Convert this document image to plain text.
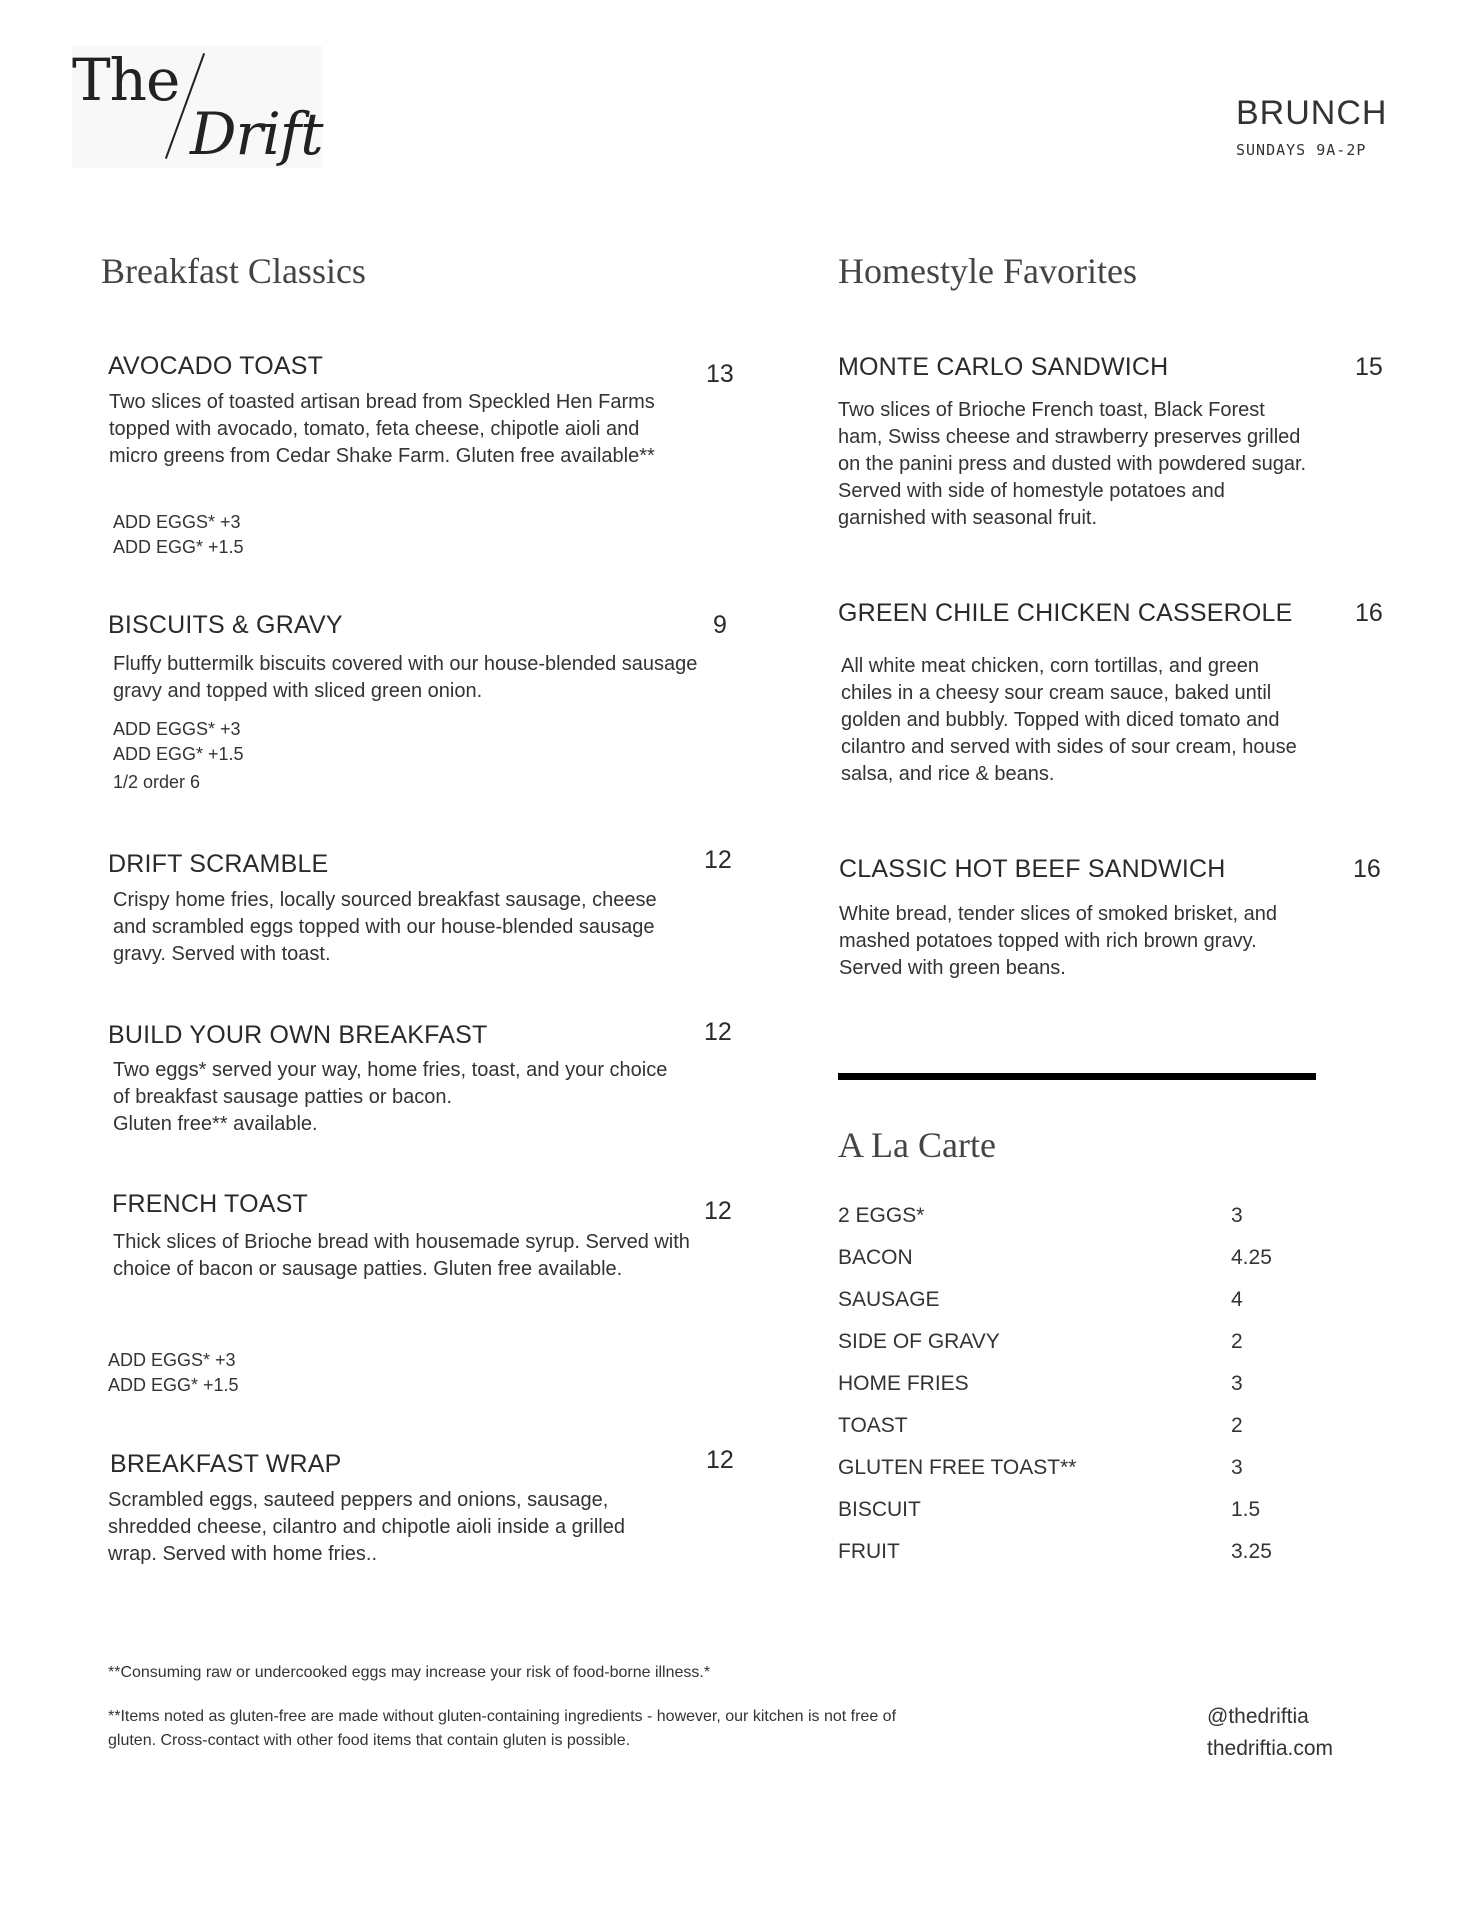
The
Drift	BRUNCH
SUNDAYS 9A-2P
Breakfast Classics
AVOCADO TOAST	13
Two slices of toasted artisan bread from Speckled Hen Farms topped with avocado, tomato, feta cheese, chipotle aioli and micro greens from Cedar Shake Farm. Gluten free available**
ADD EGGS* +3
ADD EGG* +1.5
BISCUITS & GRAVY	9
Fluffy buttermilk biscuits covered with our house-blended sausage gravy and topped with sliced green onion.
ADD EGGS* +3
ADD EGG* +1.5
1/2 order 6
DRIFT SCRAMBLE	12
Crispy home fries, locally sourced breakfast sausage, cheese and scrambled eggs topped with our house-blended sausage gravy. Served with toast.
BUILD YOUR OWN BREAKFAST	12
Two eggs* served your way, home fries, toast, and your choice of breakfast sausage patties or bacon.
Gluten free** available.
FRENCH TOAST	12
Thick slices of Brioche bread with housemade syrup. Served with choice of bacon or sausage patties. Gluten free available.
ADD EGGS* +3
ADD EGG* +1.5
BREAKFAST WRAP	12
Scrambled eggs, sauteed peppers and onions, sausage, shredded cheese, cilantro and chipotle aioli inside a grilled wrap. Served with home fries..
Homestyle Favorites
MONTE CARLO SANDWICH	15
Two slices of Brioche French toast, Black Forest ham, Swiss cheese and strawberry preserves grilled on the panini press and dusted with powdered sugar. Served with side of homestyle potatoes and garnished with seasonal fruit.
GREEN CHILE CHICKEN CASSEROLE 16
All white meat chicken, corn tortillas, and green chiles in a cheesy sour cream sauce, baked until golden and bubbly. Topped with diced tomato and cilantro and served with sides of sour cream, house salsa, and rice & beans.
CLASSIC HOT BEEF SANDWICH	16
White bread, tender slices of smoked brisket, and mashed potatoes topped with rich brown gravy. Served with green beans.
A La Carte
2 EGGS*	3
BACON	4.25
SAUSAGE	4
SIDE OF GRAVY	2
HOME FRIES	3
TOAST	2
GLUTEN FREE TOAST**	3
BISCUIT	1.5
FRUIT	3.25
**Consuming raw or undercooked eggs may increase your risk of food-borne illness.*
**Items noted as gluten-free are made without gluten-containing ingredients - however, our kitchen is not free of gluten. Cross-contact with other food items that contain gluten is possible.
@thedriftia
thedriftia.com
